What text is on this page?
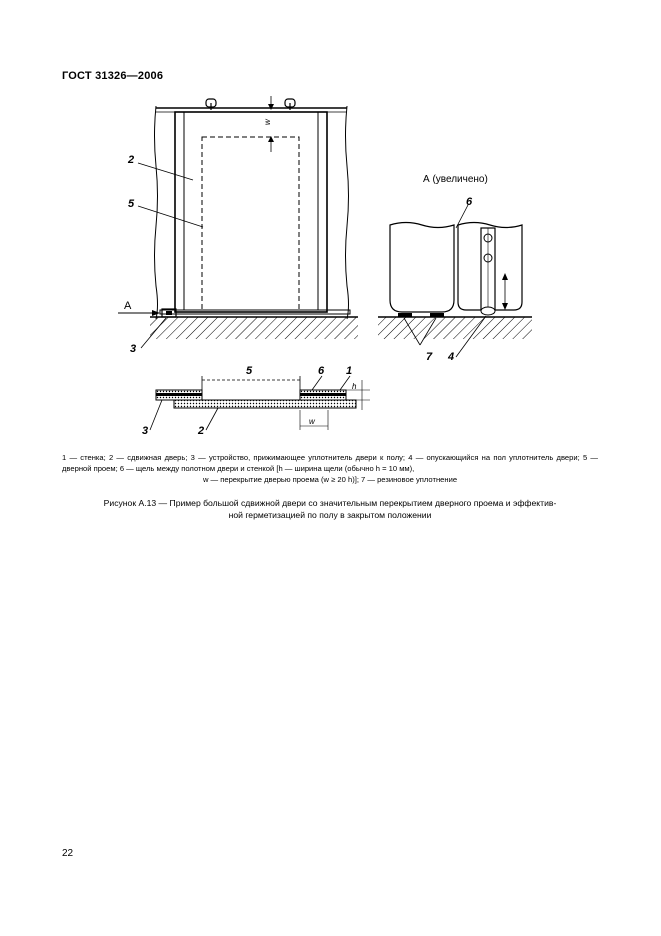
ГОСТ 31326—2006
w
2
5
3
A
А (увеличено)
6
7 4
5
h
w
6 1
3	2
1 — стенка; 2 — сдвижная дверь; 3 — устройство, прижимающее уплотнитель двери к полу; 4 — опускающийся на пол уплотнитель двери; 5 — дверной проем; 6 — щель между полотном двери и стенкой [h — ширина щели (обычно h = 10 мм),
w — перекрытие дверью проема (w ≥ 20 h)]; 7 — резиновое уплотнение
Рисунок А.13 — Пример большой сдвижной двери со значительным перекрытием дверного проема и эффектив-
ной герметизацией по полу в закрытом положении
22
